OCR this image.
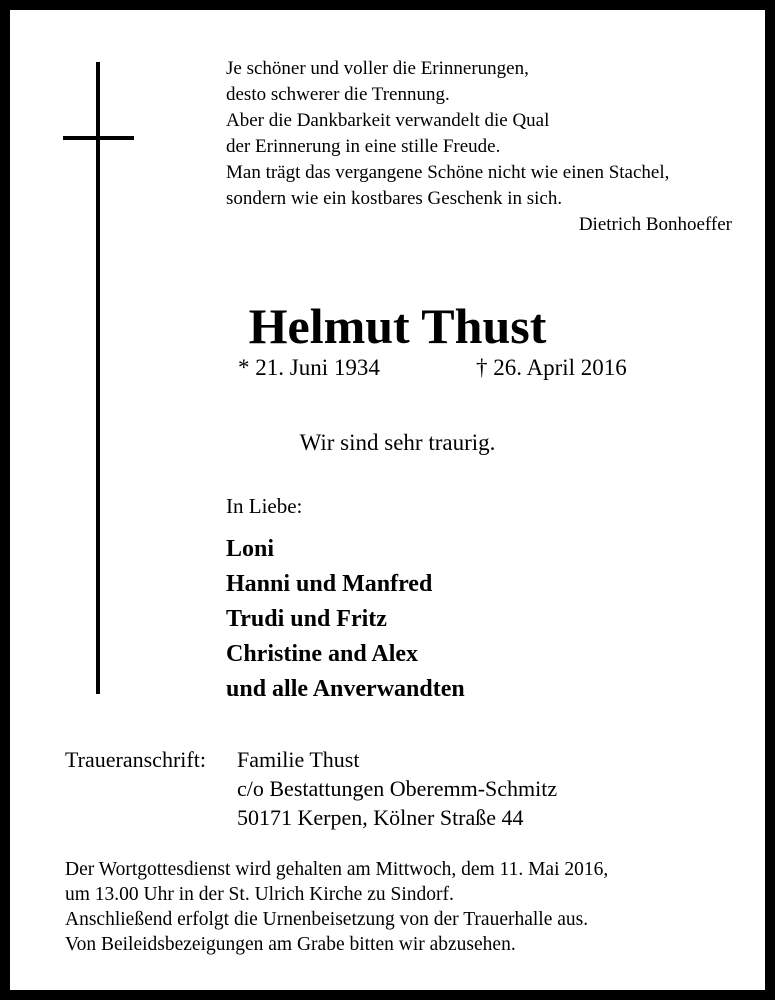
Je schöner und voller die Erinnerungen,
desto schwerer die Trennung.
Aber die Dankbarkeit verwandelt die Qual
der Erinnerung in eine stille Freude.
Man trägt das vergangene Schöne nicht wie einen Stachel,
sondern wie ein kostbares Geschenk in sich.
Dietrich Bonhoeffer
Helmut Thust
* 21. Juni 1934	† 26. April 2016
Wir sind sehr traurig.
In Liebe:
Loni
Hanni und Manfred
Trudi und Fritz
Christine and Alex
und alle Anverwandten
Traueranschrift: Familie Thust
c/o Bestattungen Oberemm-Schmitz
50171 Kerpen, Kölner Straße 44
Der Wortgottesdienst wird gehalten am Mittwoch, dem 11. Mai 2016,
um 13.00 Uhr in der St. Ulrich Kirche zu Sindorf.
Anschließend erfolgt die Urnenbeisetzung von der Trauerhalle aus.
Von Beileidsbezeigungen am Grabe bitten wir abzusehen.
